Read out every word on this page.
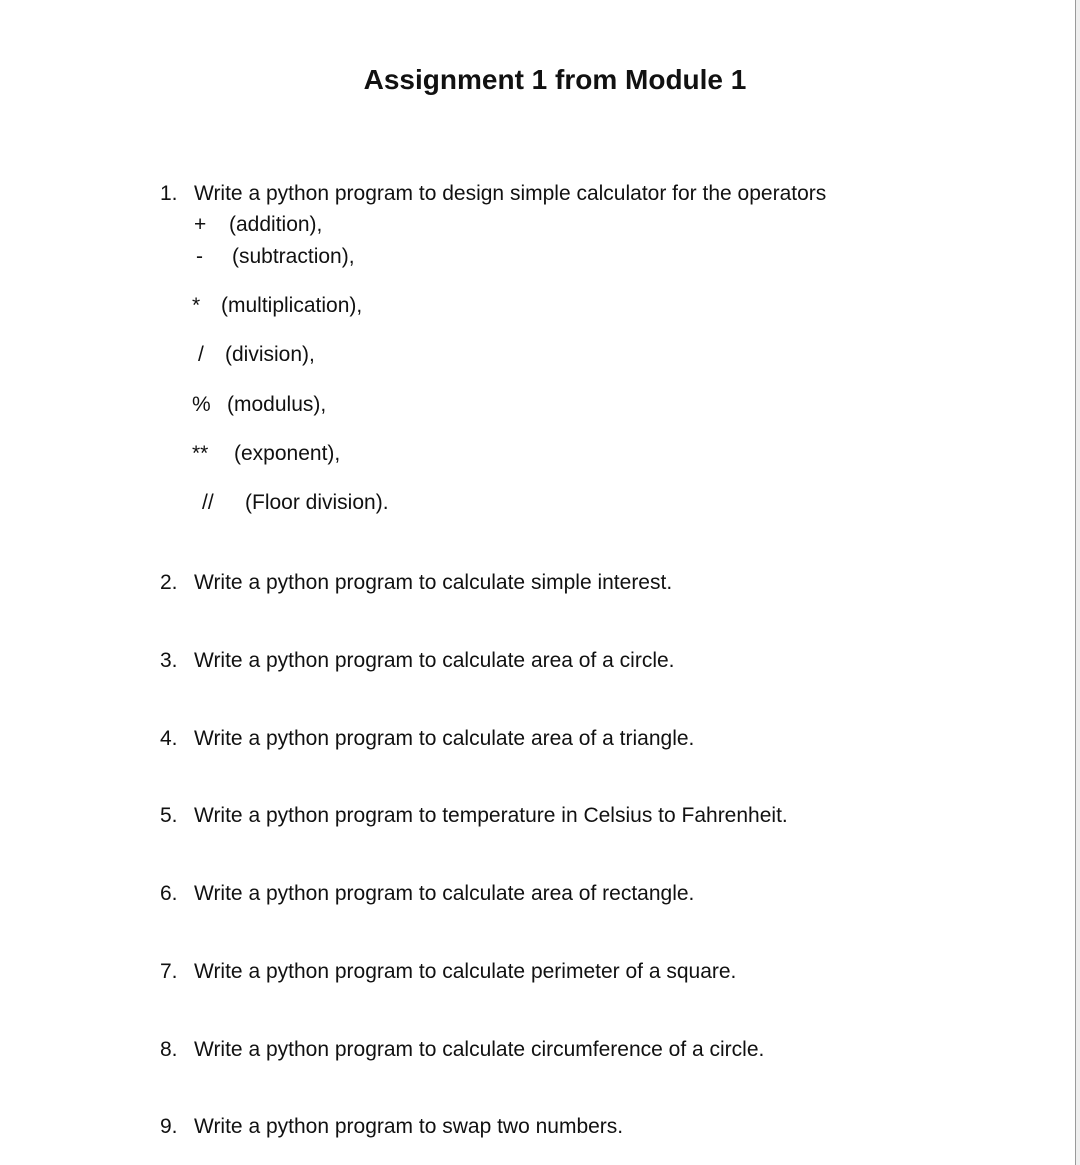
Assignment 1 from Module 1
1. Write a python program to design simple calculator for the operators
+ (addition),
- (subtraction),
* (multiplication),
/ (division),
% (modulus),
** (exponent),
// (Floor division).
2. Write a python program to calculate simple interest.
3. Write a python program to calculate area of a circle.
4. Write a python program to calculate area of a triangle.
5. Write a python program to temperature in Celsius to Fahrenheit.
6. Write a python program to calculate area of rectangle.
7. Write a python program to calculate perimeter of a square.
8. Write a python program to calculate circumference of a circle.
9. Write a python program to swap two numbers.
